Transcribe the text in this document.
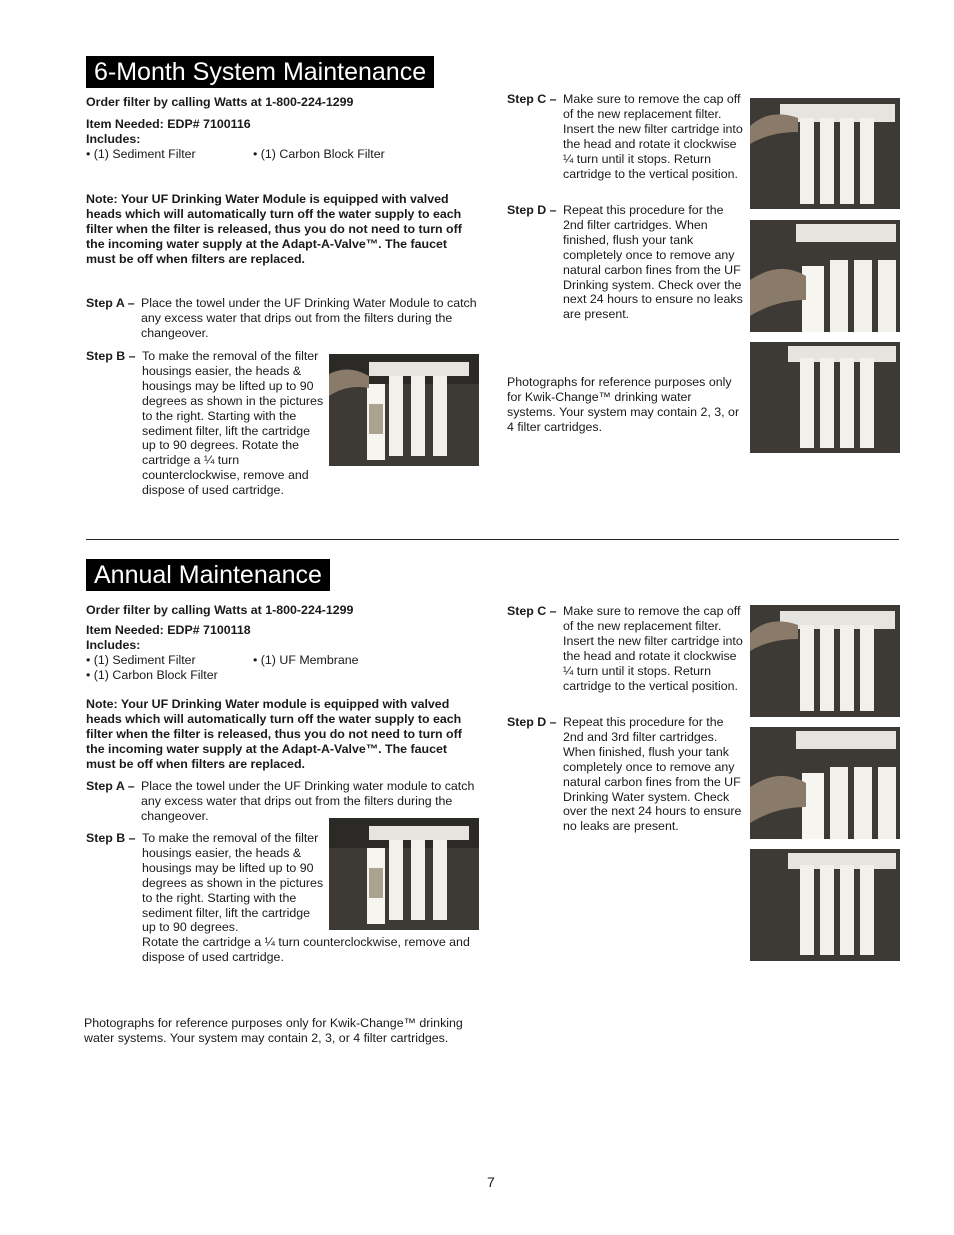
6-Month System Maintenance
Order filter by calling Watts at 1-800-224-1299
Item Needed: EDP# 7100116
Includes:
• (1) Sediment Filter	• (1) Carbon Block Filter
Note: Your UF Drinking Water Module is equipped with valved heads which will automatically turn off the water supply to each filter when the filter is released, thus you do not need to turn off the incoming water supply at the Adapt-A-Valve™. The faucet must be off when filters are replaced.
Step A – Place the towel under the UF Drinking Water Module to catch any excess water that drips out from the filters during the changeover.
Step B – To make the removal of the filter housings easier, the heads & housings may be lifted up to 90 degrees as shown in the pictures to the right. Starting with the sediment filter, lift the cartridge up to 90 degrees. Rotate the cartridge a ¼ turn counterclockwise, remove and dispose of used cartridge.
Step C – Make sure to remove the cap off of the new replacement filter. Insert the new filter cartridge into the head and rotate it clockwise ¼ turn until it stops. Return cartridge to the vertical position.
Step D – Repeat this procedure for the 2nd filter cartridges. When finished, flush your tank completely once to remove any natural carbon fines from the UF Drinking system. Check over the next 24 hours to ensure no leaks are present.
Photographs for reference purposes only for Kwik-Change™ drinking water systems. Your system may contain 2, 3, or 4 filter cartridges.
Annual Maintenance
Order filter by calling Watts at 1-800-224-1299
Item Needed: EDP# 7100118
Includes:
• (1) Sediment Filter	• (1) UF Membrane
• (1) Carbon Block Filter
Note: Your UF Drinking Water module is equipped with valved heads which will automatically turn off the water supply to each filter when the filter is released, thus you do not need to turn off the incoming water supply at the Adapt-A-Valve™. The faucet must be off when filters are replaced.
Step A – Place the towel under the UF Drinking water module to catch any excess water that drips out from the filters during the changeover.
Step B – To make the removal of the filter housings easier, the heads & housings may be lifted up to 90 degrees as shown in the pictures to the right. Starting with the sediment filter, lift the cartridge up to 90 degrees.
Rotate the cartridge a ¼ turn counterclockwise, remove and dispose of used cartridge.
Step C – Make sure to remove the cap off of the new replacement filter. Insert the new filter cartridge into the head and rotate it clockwise ¼ turn until it stops. Return cartridge to the vertical position.
Step D – Repeat this procedure for the 2nd and 3rd filter cartridges. When finished, flush your tank completely once to remove any natural carbon fines from the UF Drinking Water system. Check over the next 24 hours to ensure no leaks are present.
Photographs for reference purposes only for Kwik-Change™ drinking water systems. Your system may contain 2, 3, or 4 filter cartridges.
7
